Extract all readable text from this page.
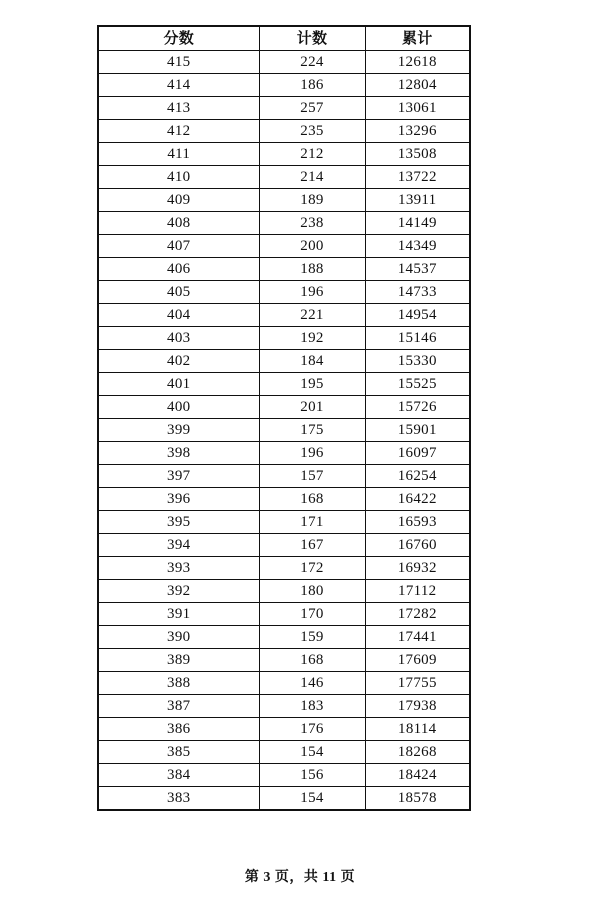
分数	计数	累计
415	224	12618
414	186	12804
413	257	13061
412	235	13296
411	212	13508
410	214	13722
409	189	13911
408	238	14149
407	200	14349
406	188	14537
405	196	14733
404	221	14954
403	192	15146
402	184	15330
401	195	15525
400	201	15726
399	175	15901
398	196	16097
397	157	16254
396	168	16422
395	171	16593
394	167	16760
393	172	16932
392	180	17112
391	170	17282
390	159	17441
389	168	17609
388	146	17755
387	183	17938
386	176	18114
385	154	18268
384	156	18424
383	154	18578
第 3 页，共 11 页
